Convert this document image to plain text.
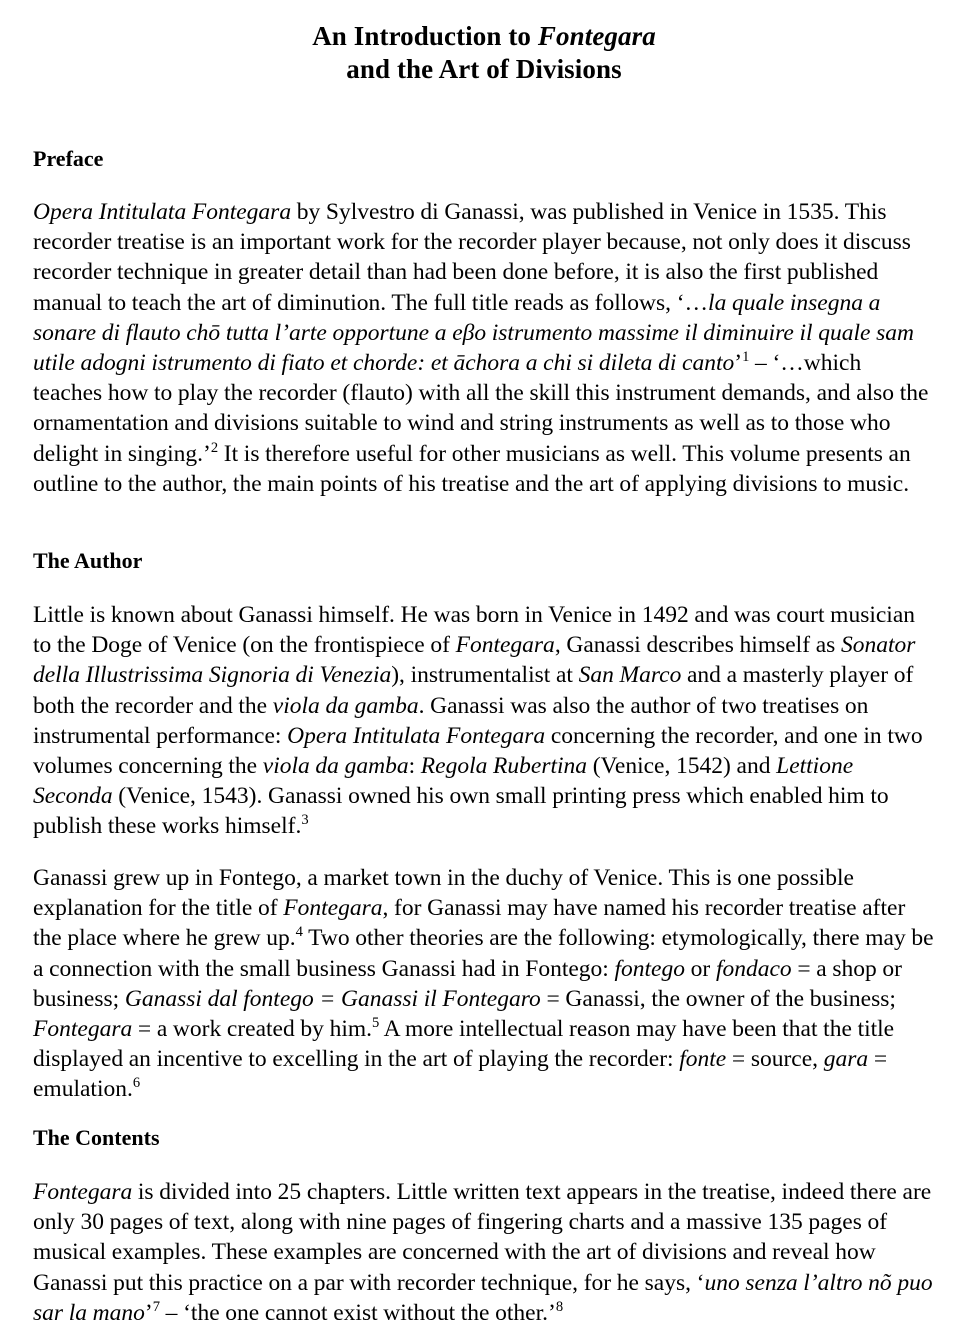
An Introduction to Fontegara
and the Art of Divisions
Preface

Opera Intitulata Fontegara by Sylvestro di Ganassi, was published in Venice in 1535. This recorder treatise is an important work for the recorder player because, not only does it discuss recorder technique in greater detail than had been done before, it is also the first published manual to teach the art of diminution. The full title reads as follows, ‘…la quale insegna a sonare di flauto chō tutta l’arte opportune a eβo istrumento massime il diminuire il quale sam utile adogni istrumento di fiato et chorde: et āchora a chi si dileta di canto’$^1$ – ‘…which teaches how to play the recorder (flauto) with all the skill this instrument demands, and also the ornamentation and divisions suitable to wind and string instruments as well as to those who delight in singing.’$^2$ It is therefore useful for other musicians as well. This volume presents an outline to the author, the main points of his treatise and the art of applying divisions to music.

The Author

Little is known about Ganassi himself. He was born in Venice in 1492 and was court musician to the Doge of Venice (on the frontispiece of Fontegara, Ganassi describes himself as Sonator della Illustrissima Signoria di Venezia), instrumentalist at San Marco and a masterly player of both the recorder and the viola da gamba. Ganassi was also the author of two treatises on instrumental performance: Opera Intitulata Fontegara concerning the recorder, and one in two volumes concerning the viola da gamba: Regola Rubertina (Venice, 1542) and Lettione Seconda (Venice, 1543). Ganassi owned his own small printing press which enabled him to publish these works himself.$^3$

Ganassi grew up in Fontego, a market town in the duchy of Venice. This is one possible explanation for the title of Fontegara, for Ganassi may have named his recorder treatise after the place where he grew up.$^4$ Two other theories are the following: etymologically, there may be a connection with the small business Ganassi had in Fontego: fontego or fondaco = a shop or business; Ganassi dal fontego = Ganassi il Fontegaro = Ganassi, the owner of the business; Fontegara = a work created by him.$^5$ A more intellectual reason may have been that the title displayed an incentive to excelling in the art of playing the recorder: fonte = source, gara = emulation.$^6$

The Contents

Fontegara is divided into 25 chapters. Little written text appears in the treatise, indeed there are only 30 pages of text, along with nine pages of fingering charts and a massive 135 pages of musical examples. These examples are concerned with the art of divisions and reveal how Ganassi put this practice on a par with recorder technique, for he says, ‘uno senza l’altro nõ puo sar la mano’$^7$ – ‘the one cannot exist without the other.’$^8$
